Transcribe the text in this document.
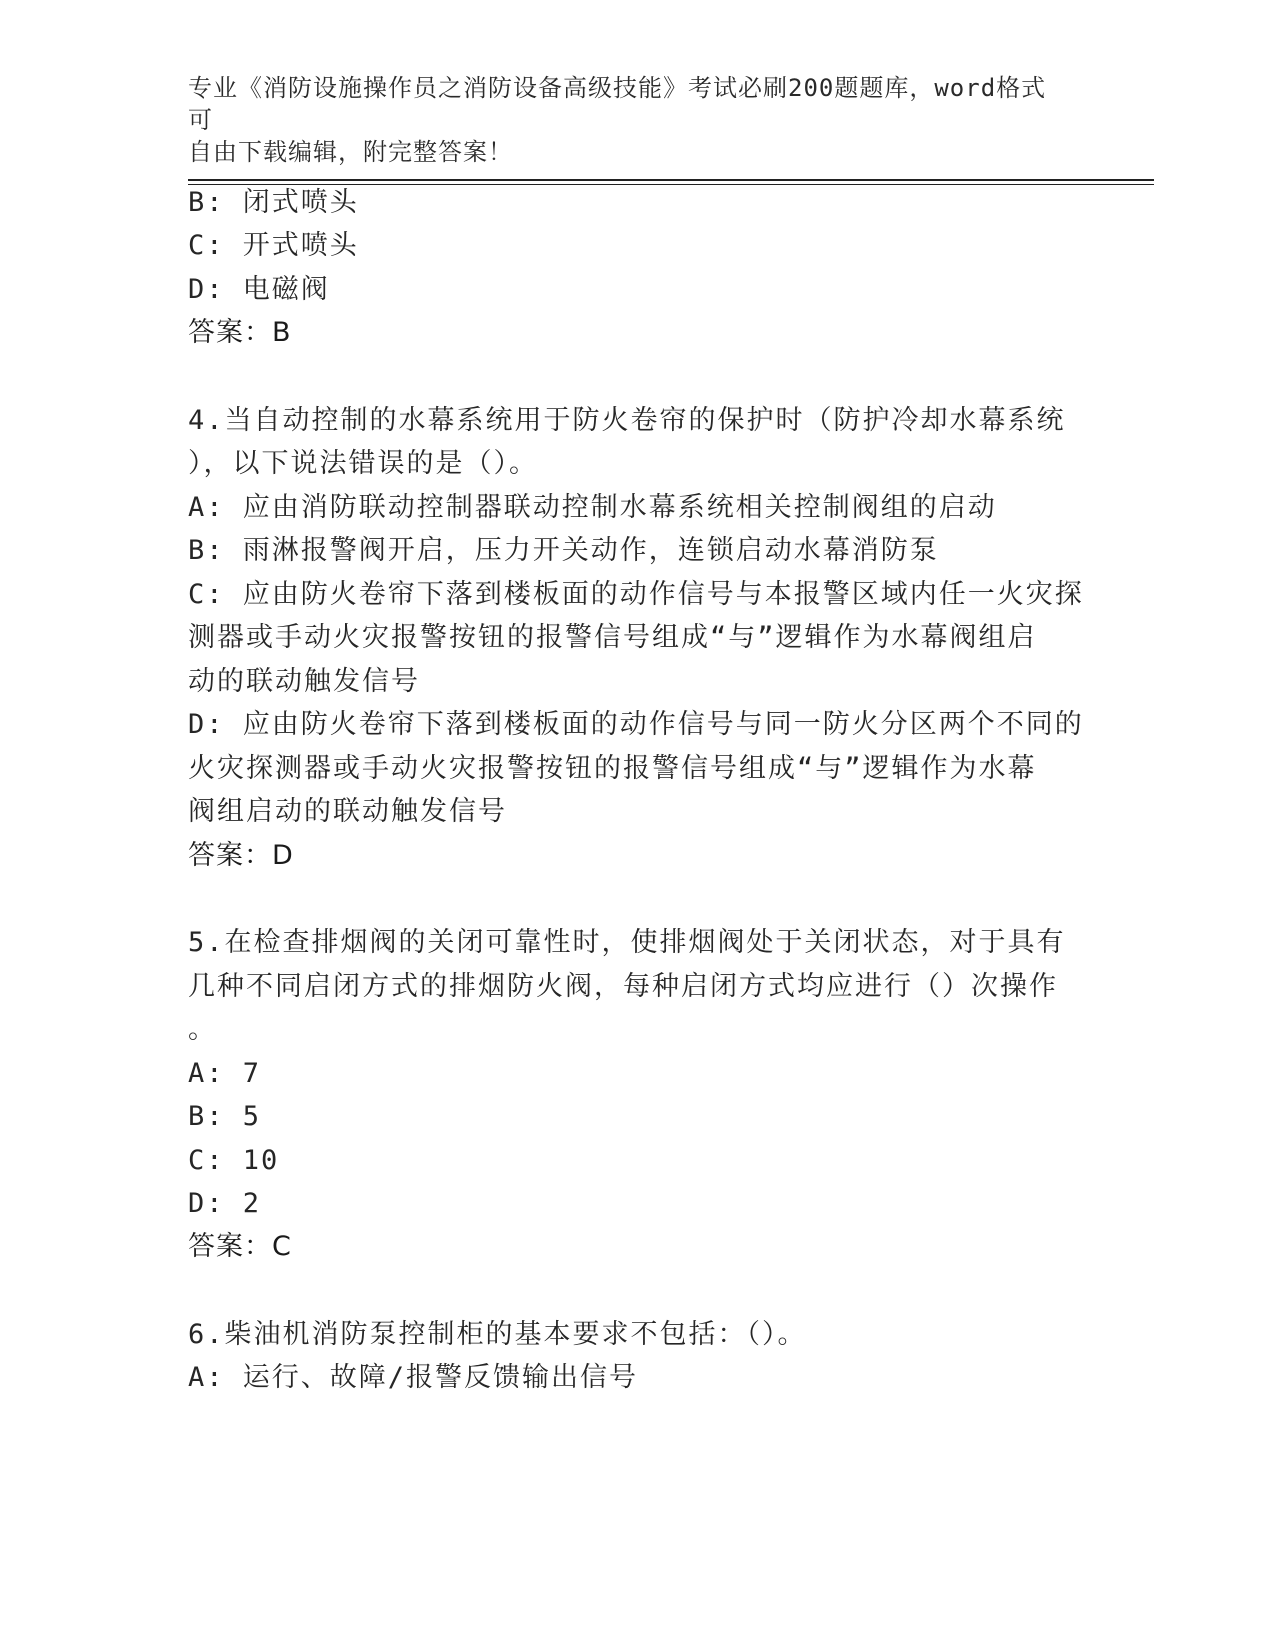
专业《消防设施操作员之消防设备高级技能》考试必刷200题题库，word格式可
自由下载编辑，附完整答案！
B: 闭式喷头
C: 开式喷头
D: 电磁阀
答案：B
4.当自动控制的水幕系统用于防火卷帘的保护时（防护冷却水幕系统
），以下说法错误的是（）。
A: 应由消防联动控制器联动控制水幕系统相关控制阀组的启动
B: 雨淋报警阀开启，压力开关动作，连锁启动水幕消防泵
C: 应由防火卷帘下落到楼板面的动作信号与本报警区域内任一火灾探
测器或手动火灾报警按钮的报警信号组成“与”逻辑作为水幕阀组启
动的联动触发信号
D: 应由防火卷帘下落到楼板面的动作信号与同一防火分区两个不同的
火灾探测器或手动火灾报警按钮的报警信号组成“与”逻辑作为水幕
阀组启动的联动触发信号
答案：D
5.在检查排烟阀的关闭可靠性时，使排烟阀处于关闭状态，对于具有
几种不同启闭方式的排烟防火阀，每种启闭方式均应进行（）次操作
。
A: 7
B: 5
C: 10
D: 2
答案：C
6.柴油机消防泵控制柜的基本要求不包括：（）。
A: 运行、故障/报警反馈输出信号
